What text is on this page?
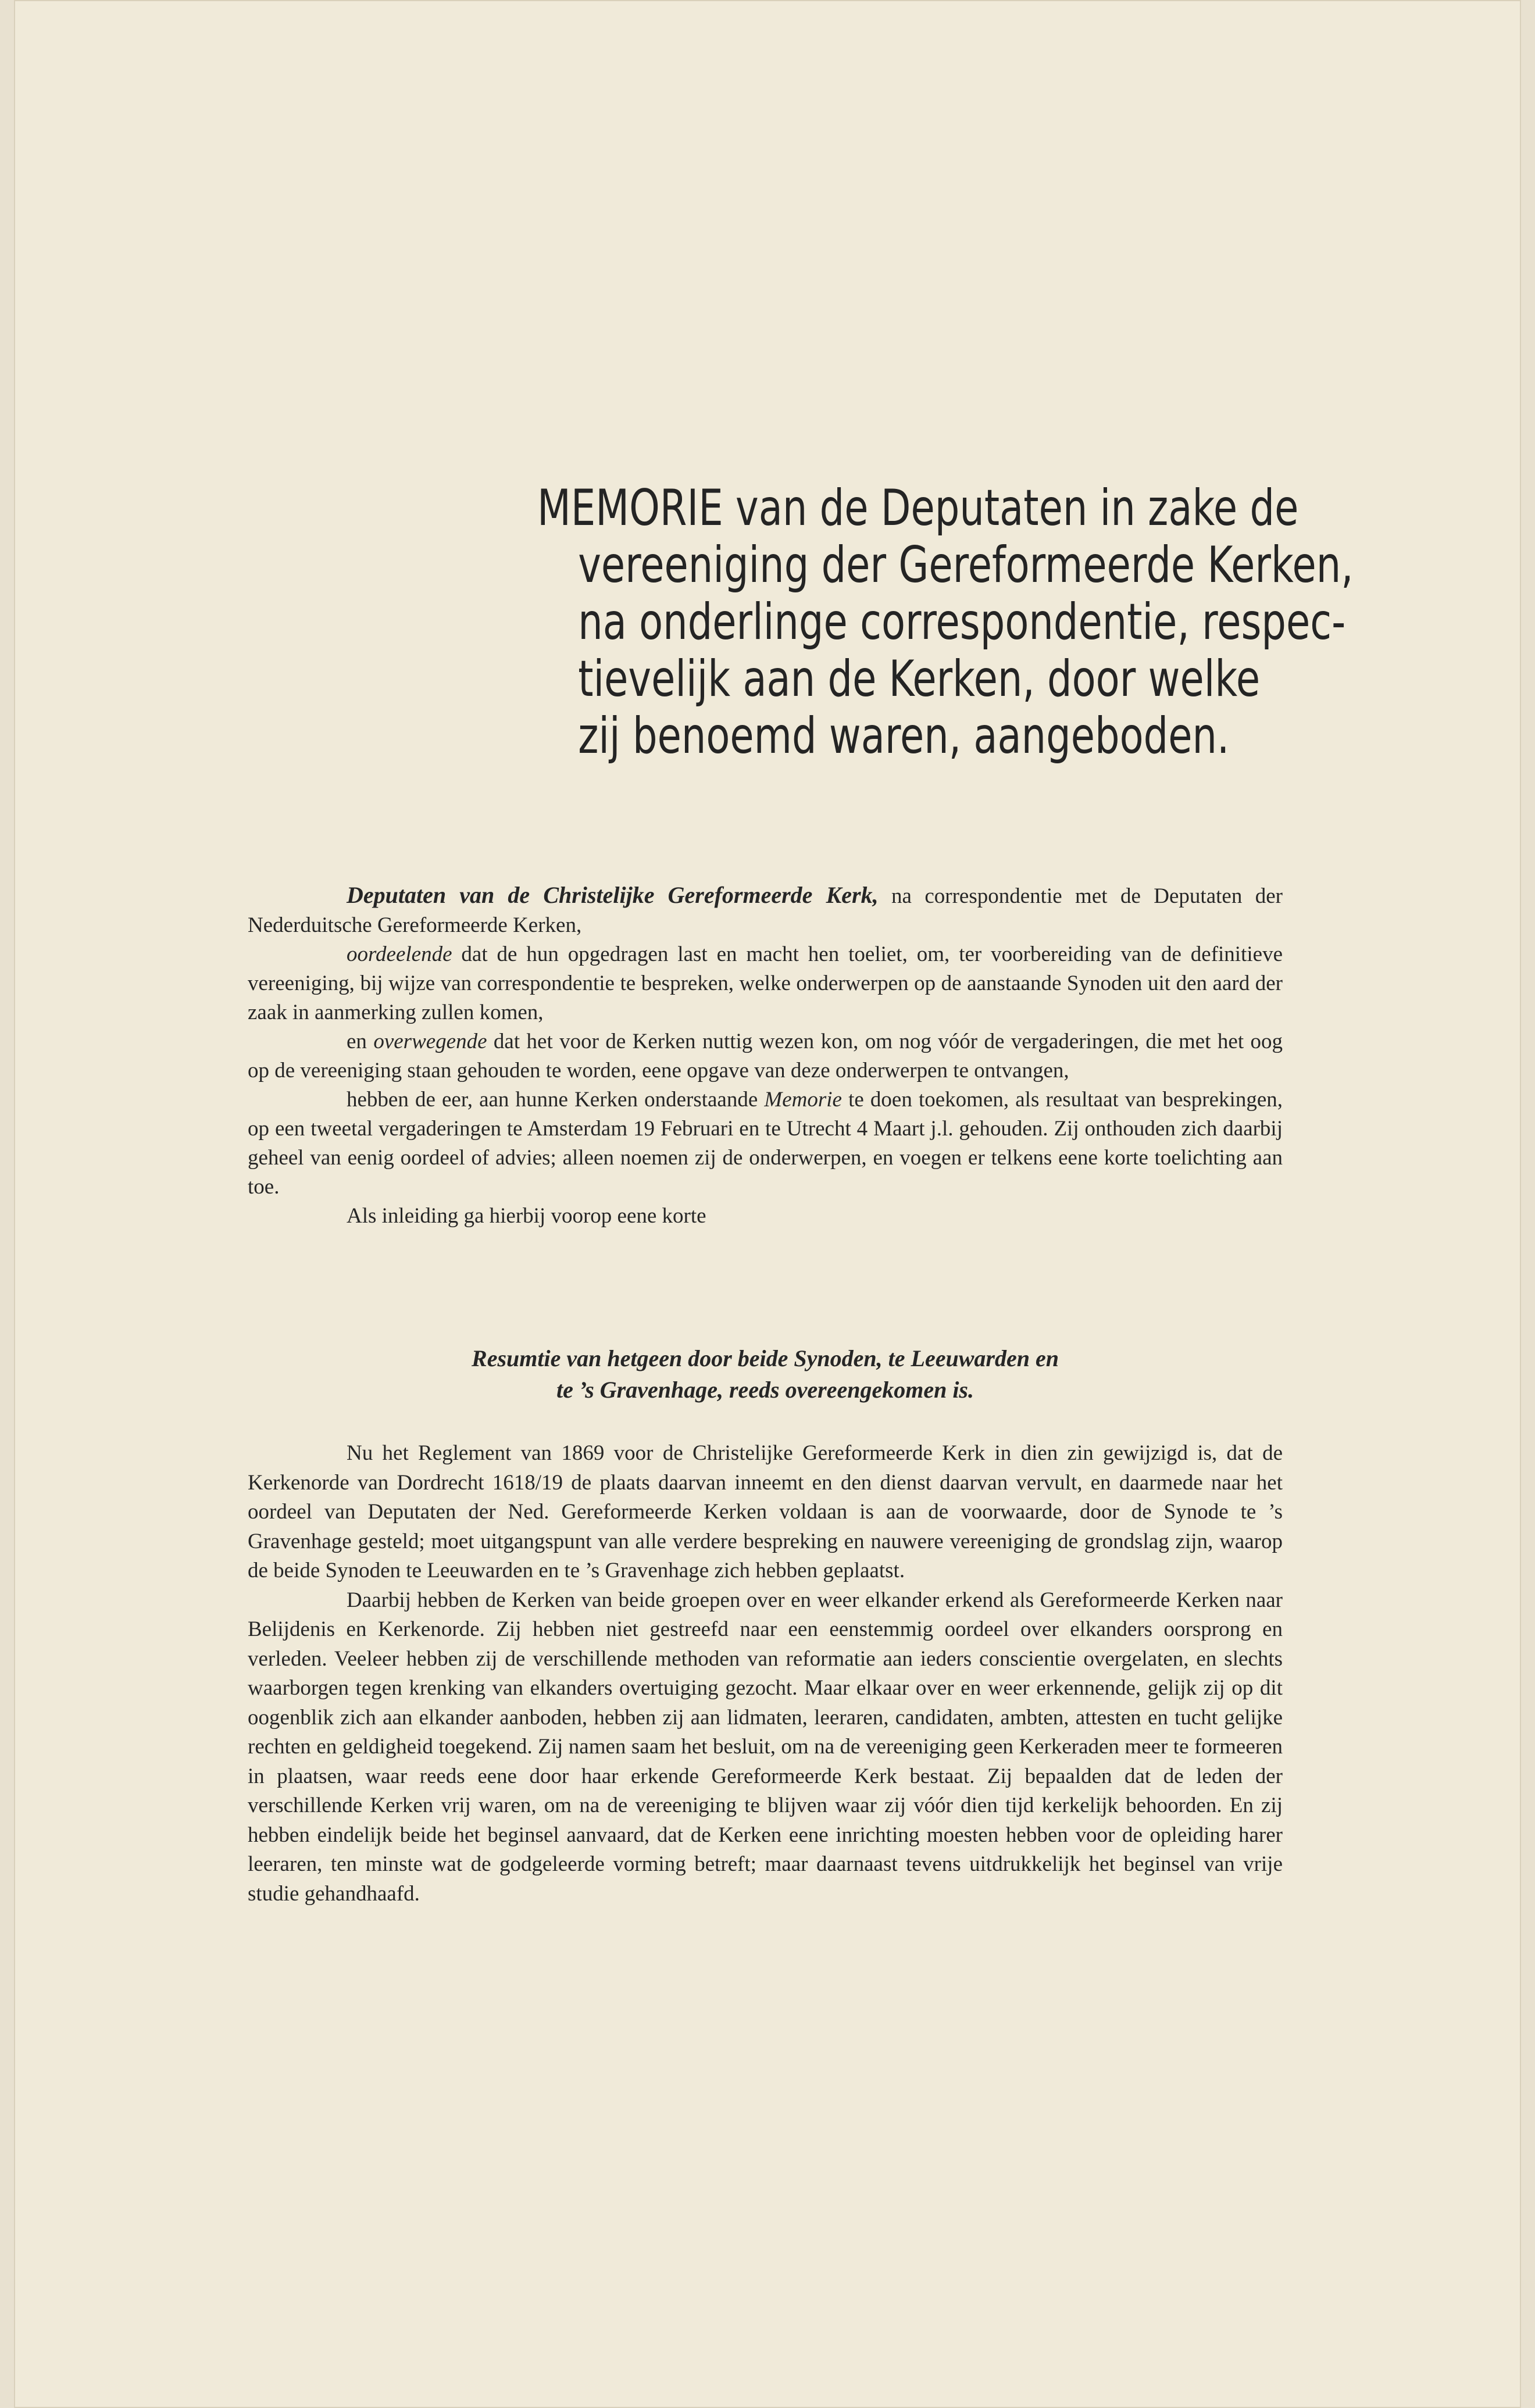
MEMORIE van de Deputaten in zake de
vereeniging der Gereformeerde Kerken,
na onderlinge correspondentie, respec-
tievelijk aan de Kerken, door welke
zij benoemd waren, aangeboden.

Deputaten van de Christelijke Gereformeerde Kerk, na correspondentie met de Deputaten der Nederduitsche Gereformeerde Kerken,

oordeelende dat de hun opgedragen last en macht hen toeliet, om, ter voorbereiding van de definitieve vereeniging, bij wijze van correspondentie te bespreken, welke onderwerpen op de aanstaande Synoden uit den aard der zaak in aanmerking zullen komen,

en overwegende dat het voor de Kerken nuttig wezen kon, om nog vóór de vergaderingen, die met het oog op de vereeniging staan gehouden te worden, eene opgave van deze onderwerpen te ontvangen,

hebben de eer, aan hunne Kerken onderstaande Memorie te doen toekomen, als resultaat van besprekingen, op een tweetal vergaderingen te Amsterdam 19 Februari en te Utrecht 4 Maart j.l. gehouden. Zij onthouden zich daarbij geheel van eenig oordeel of advies; alleen noemen zij de onderwerpen, en voegen er telkens eene korte toelichting aan toe.

Als inleiding ga hierbij voorop eene korte

Resumtie van hetgeen door beide Synoden, te Leeuwarden en

te ’s Gravenhage, reeds overeengekomen is.

Nu het Reglement van 1869 voor de Christelijke Gereformeerde Kerk in dien zin gewijzigd is, dat de Kerkenorde van Dordrecht 1618/19 de plaats daarvan inneemt en den dienst daarvan vervult, en daarmede naar het oordeel van Deputaten der Ned. Gereformeerde Kerken voldaan is aan de voorwaarde, door de Synode te ’s Gravenhage gesteld; moet uitgangspunt van alle verdere bespreking en nauwere vereeniging de grondslag zijn, waarop de beide Synoden te Leeuwarden en te ’s Gravenhage zich hebben geplaatst.

Daarbij hebben de Kerken van beide groepen over en weer elkander erkend als Gereformeerde Kerken naar Belijdenis en Kerkenorde. Zij hebben niet gestreefd naar een eenstemmig oordeel over elkanders oorsprong en verleden. Veeleer hebben zij de verschillende methoden van reformatie aan ieders conscientie overgelaten, en slechts waarborgen tegen krenking van elkanders overtuiging gezocht. Maar elkaar over en weer erkennende, gelijk zij op dit oogenblik zich aan elkander aanboden, hebben zij aan lidmaten, leeraren, candidaten, ambten, attesten en tucht gelijke rechten en geldigheid toegekend. Zij namen saam het besluit, om na de vereeniging geen Kerkeraden meer te formeeren in plaatsen, waar reeds eene door haar erkende Gereformeerde Kerk bestaat. Zij bepaalden dat de leden der verschillende Kerken vrij waren, om na de vereeniging te blijven waar zij vóór dien tijd kerkelijk behoorden. En zij hebben eindelijk beide het beginsel aanvaard, dat de Kerken eene inrichting moesten hebben voor de opleiding harer leeraren, ten minste wat de godgeleerde vorming betreft; maar daarnaast tevens uitdrukkelijk het beginsel van vrije studie gehandhaafd.
